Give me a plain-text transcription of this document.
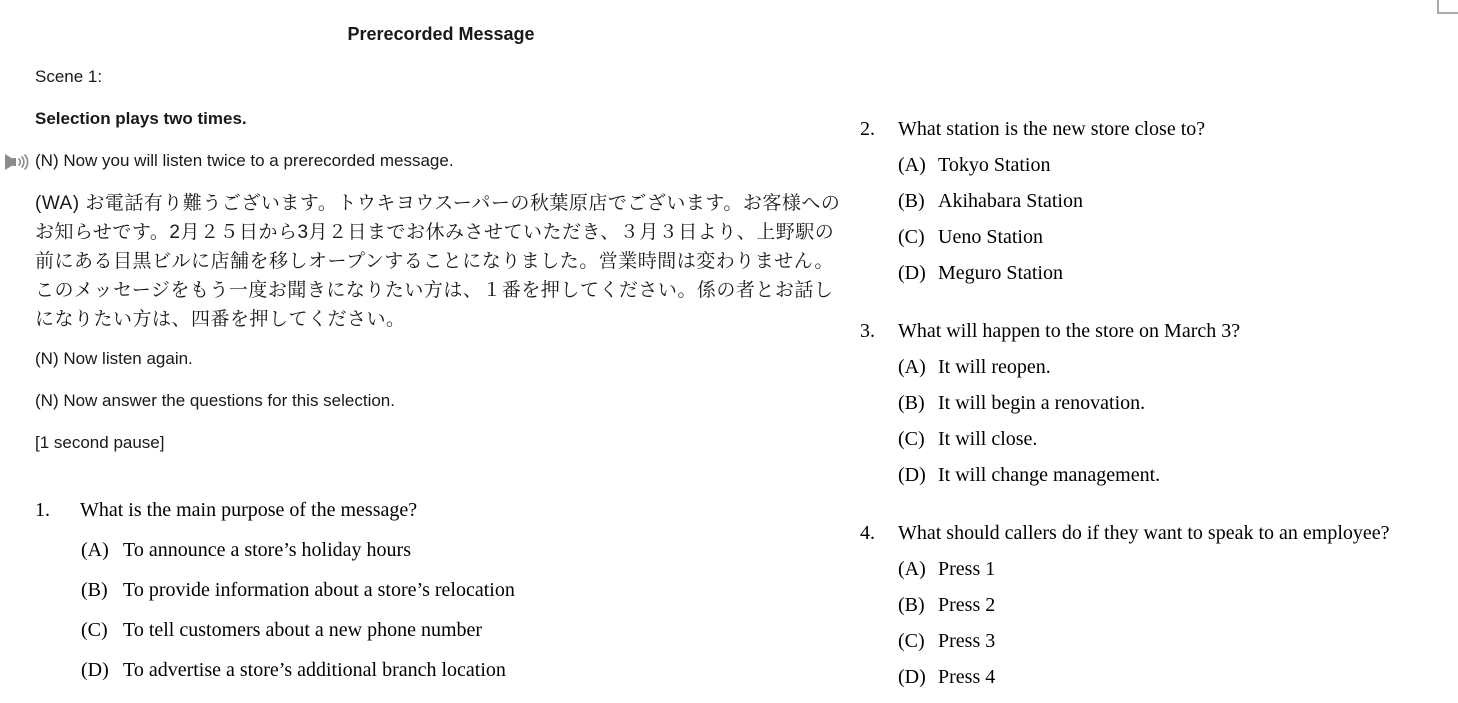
Prerecorded Message

Scene 1:

Selection plays two times.

(N) Now you will listen twice to a prerecorded message.

(WA) お電話有り難うございます。トウキヨウスーパーの秋葉原店でございます。お客様へのお知らせです。2月２５日から3月２日までお休みさせていただき、３月３日より、上野駅の前にある目黒ビルに店舗を移しオープンすることになりました。営業時間は変わりません。このメッセージをもう一度お聞きになりたい方は、１番を押してください。係の者とお話しになりたい方は、四番を押してください。

(N) Now listen again.

(N) Now answer the questions for this selection.

[1 second pause]

1.	What is the main purpose of the message?
(A) To announce a store’s holiday hours
(B) To provide information about a store’s relocation
(C) To tell customers about a new phone number
(D) To advertise a store’s additional branch location
2.	What station is the new store close to?
(A) Tokyo Station
(B) Akihabara Station
(C) Ueno Station
(D) Meguro Station
3.	What will happen to the store on March 3?
(A) It will reopen.
(B) It will begin a renovation.
(C) It will close.
(D) It will change management.
4.	What should callers do if they want to speak to an employee?
(A) Press 1
(B) Press 2
(C) Press 3
(D) Press 4
